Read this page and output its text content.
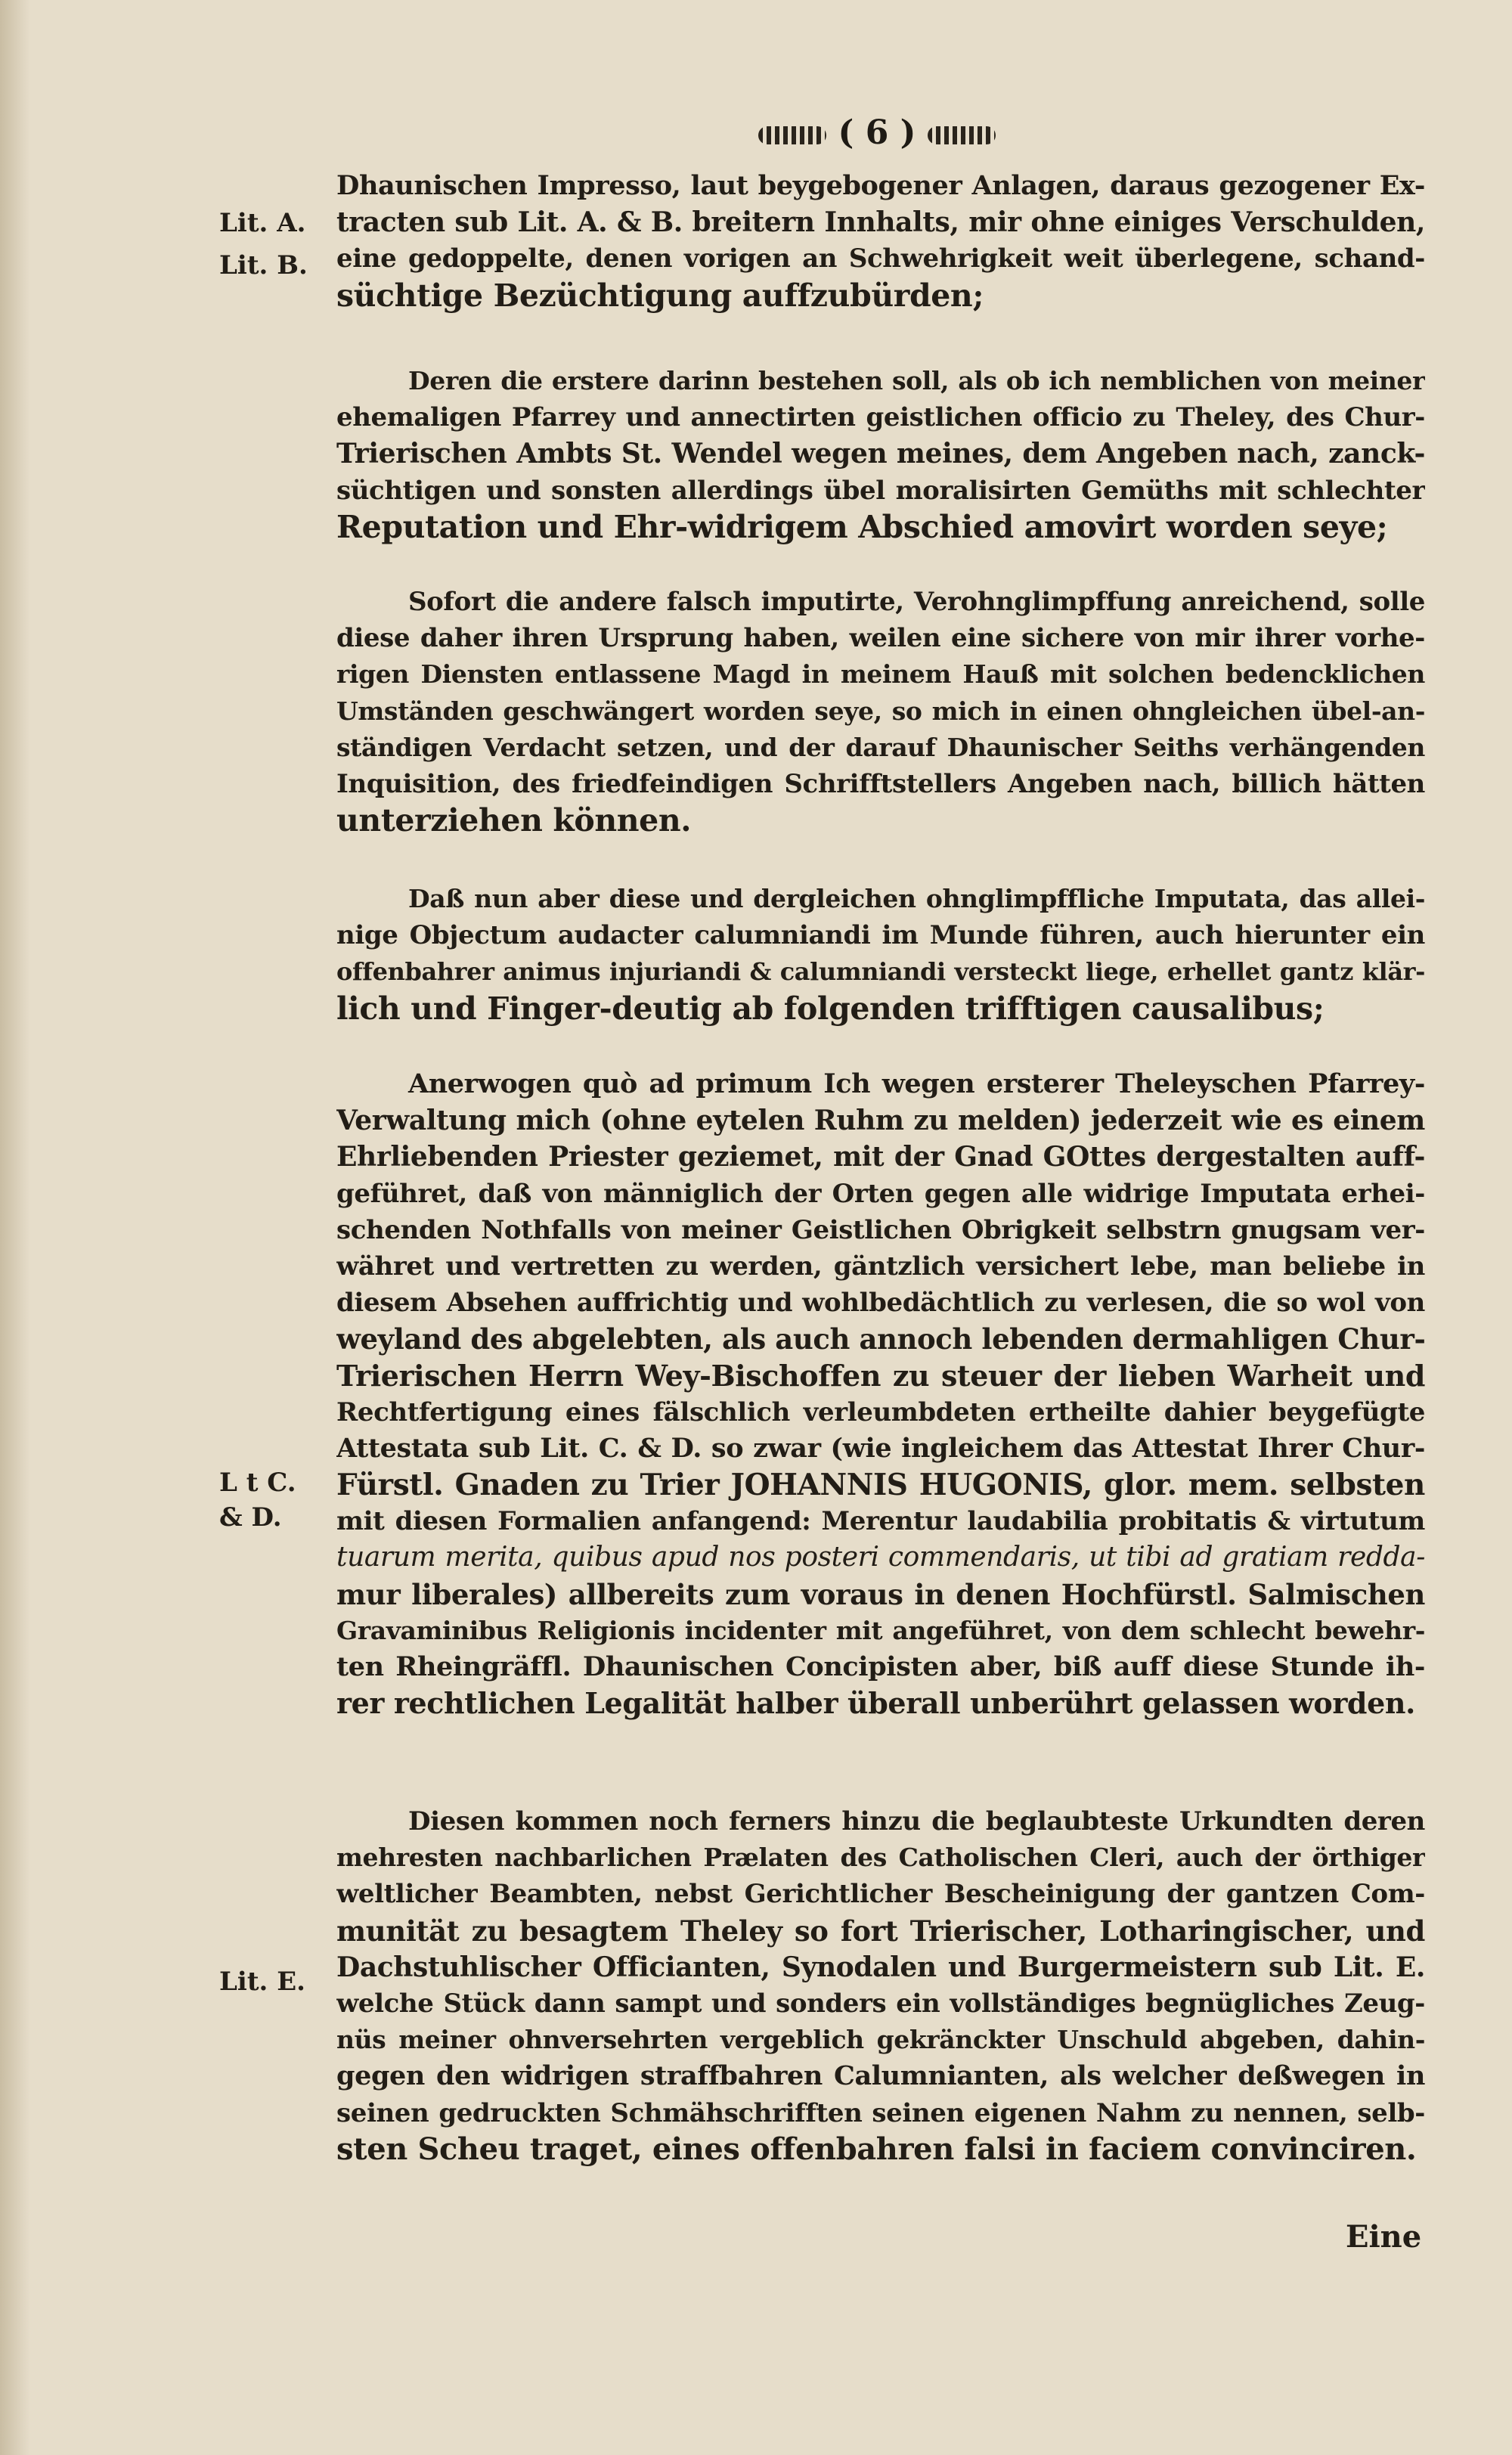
( 6 )
Lit. A.
Lit. B.
L t C.
& D.
Lit. E.
Dhaunischen Impresso, laut beygebogener Anlagen, daraus gezogener Ex-
tracten sub Lit. A. & B. breitern Innhalts, mir ohne einiges Verschulden,
eine gedoppelte, denen vorigen an Schwehrigkeit weit überlegene, schand-
süchtige Bezüchtigung auffzubürden;
Deren die erstere darinn bestehen soll, als ob ich nemblichen von meiner
ehemaligen Pfarrey und annectirten geistlichen officio zu Theley, des Chur-
Trierischen Ambts St. Wendel wegen meines, dem Angeben nach, zanck-
süchtigen und sonsten allerdings übel moralisirten Gemüths mit schlechter
Reputation und Ehr-widrigem Abschied amovirt worden seye;
Sofort die andere falsch imputirte, Verohnglimpffung anreichend, solle
diese daher ihren Ursprung haben, weilen eine sichere von mir ihrer vorhe-
rigen Diensten entlassene Magd in meinem Hauß mit solchen bedencklichen
Umständen geschwängert worden seye, so mich in einen ohngleichen übel-an-
ständigen Verdacht setzen, und der darauf Dhaunischer Seiths verhängenden
Inquisition, des friedfeindigen Schrifftstellers Angeben nach, billich hätten
unterziehen können.
Daß nun aber diese und dergleichen ohnglimpffliche Imputata, das allei-
nige Objectum audacter calumniandi im Munde führen, auch hierunter ein
offenbahrer animus injuriandi & calumniandi versteckt liege, erhellet gantz klär-
lich und Finger-deutig ab folgenden trifftigen causalibus;
Anerwogen quò ad primum Ich wegen ersterer Theleyschen Pfarrey-
Verwaltung mich (ohne eytelen Ruhm zu melden) jederzeit wie es einem
Ehrliebenden Priester geziemet, mit der Gnad GOttes dergestalten auff-
geführet, daß von männiglich der Orten gegen alle widrige Imputata erhei-
schenden Nothfalls von meiner Geistlichen Obrigkeit selbstrn gnugsam ver-
währet und vertretten zu werden, gäntzlich versichert lebe, man beliebe in
diesem Absehen auffrichtig und wohlbedächtlich zu verlesen, die so wol von
weyland des abgelebten, als auch annoch lebenden dermahligen Chur-
Trierischen Herrn Wey-Bischoffen zu steuer der lieben Warheit und
Rechtfertigung eines fälschlich verleumbdeten ertheilte dahier beygefügte
Attestata sub Lit. C. & D. so zwar (wie ingleichem das Attestat Ihrer Chur-
Fürstl. Gnaden zu Trier JOHANNIS HUGONIS, glor. mem. selbsten
mit diesen Formalien anfangend: Merentur laudabilia probitatis & virtutum
tuarum merita, quibus apud nos posteri commendaris, ut tibi ad gratiam redda-
mur liberales) allbereits zum voraus in denen Hochfürstl. Salmischen
Gravaminibus Religionis incidenter mit angeführet, von dem schlecht bewehr-
ten Rheingräffl. Dhaunischen Concipisten aber, biß auff diese Stunde ih-
rer rechtlichen Legalität halber überall unberührt gelassen worden.
Diesen kommen noch ferners hinzu die beglaubteste Urkundten deren
mehresten nachbarlichen Prælaten des Catholischen Cleri, auch der örthiger
weltlicher Beambten, nebst Gerichtlicher Bescheinigung der gantzen Com-
munität zu besagtem Theley so fort Trierischer, Lotharingischer, und
Dachstuhlischer Officianten, Synodalen und Burgermeistern sub Lit. E.
welche Stück dann sampt und sonders ein vollständiges begnügliches Zeug-
nüs meiner ohnversehrten vergeblich gekränckter Unschuld abgeben, dahin-
gegen den widrigen straffbahren Calumnianten, als welcher deßwegen in
seinen gedruckten Schmähschrifften seinen eigenen Nahm zu nennen, selb-
sten Scheu traget, eines offenbahren falsi in faciem convinciren.
Eine
